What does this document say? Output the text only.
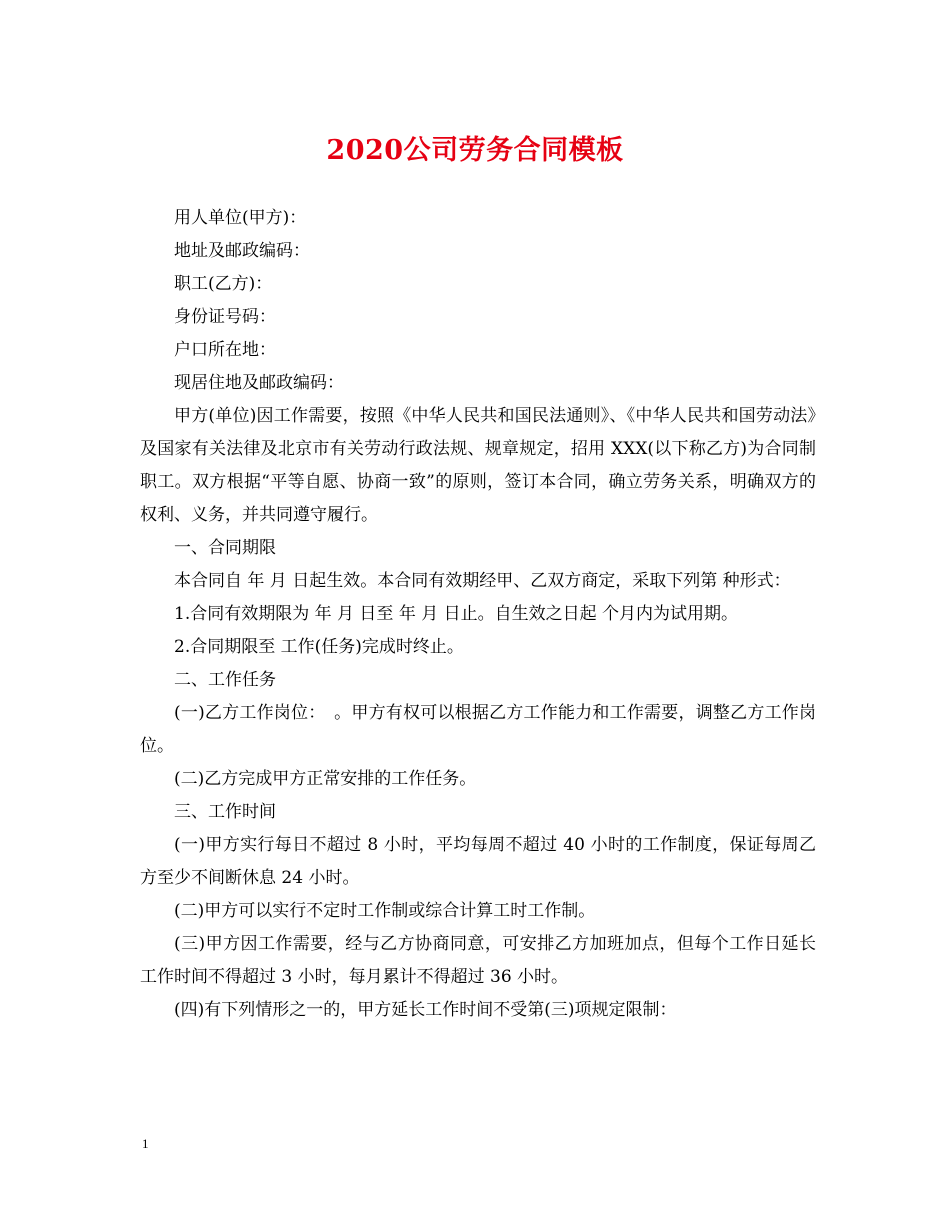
2020公司劳务合同模板

用人单位(甲方)：

地址及邮政编码：

职工(乙方)：

身份证号码：

户口所在地：

现居住地及邮政编码：

甲方(单位)因工作需要，按照《中华人民共和国民法通则》、《中华人民共和国劳动法》及国家有关法律及北京市有关劳动行政法规、规章规定，招用 XXX(以下称乙方)为合同制职工。双方根据“平等自愿、协商一致”的原则，签订本合同，确立劳务关系，明确双方的权利、义务，并共同遵守履行。

一、合同期限

本合同自 年 月 日起生效。本合同有效期经甲、乙双方商定，采取下列第 种形式：

1.合同有效期限为 年 月 日至 年 月 日止。自生效之日起 个月内为试用期。

2.合同期限至 工作(任务)完成时终止。

二、工作任务

(一)乙方工作岗位：　。甲方有权可以根据乙方工作能力和工作需要，调整乙方工作岗位。

(二)乙方完成甲方正常安排的工作任务。

三、工作时间

(一)甲方实行每日不超过 8 小时，平均每周不超过 40 小时的工作制度，保证每周乙方至少不间断休息 24 小时。

(二)甲方可以实行不定时工作制或综合计算工时工作制。

(三)甲方因工作需要，经与乙方协商同意，可安排乙方加班加点，但每个工作日延长工作时间不得超过 3 小时，每月累计不得超过 36 小时。

(四)有下列情形之一的，甲方延长工作时间不受第(三)项规定限制：

1
